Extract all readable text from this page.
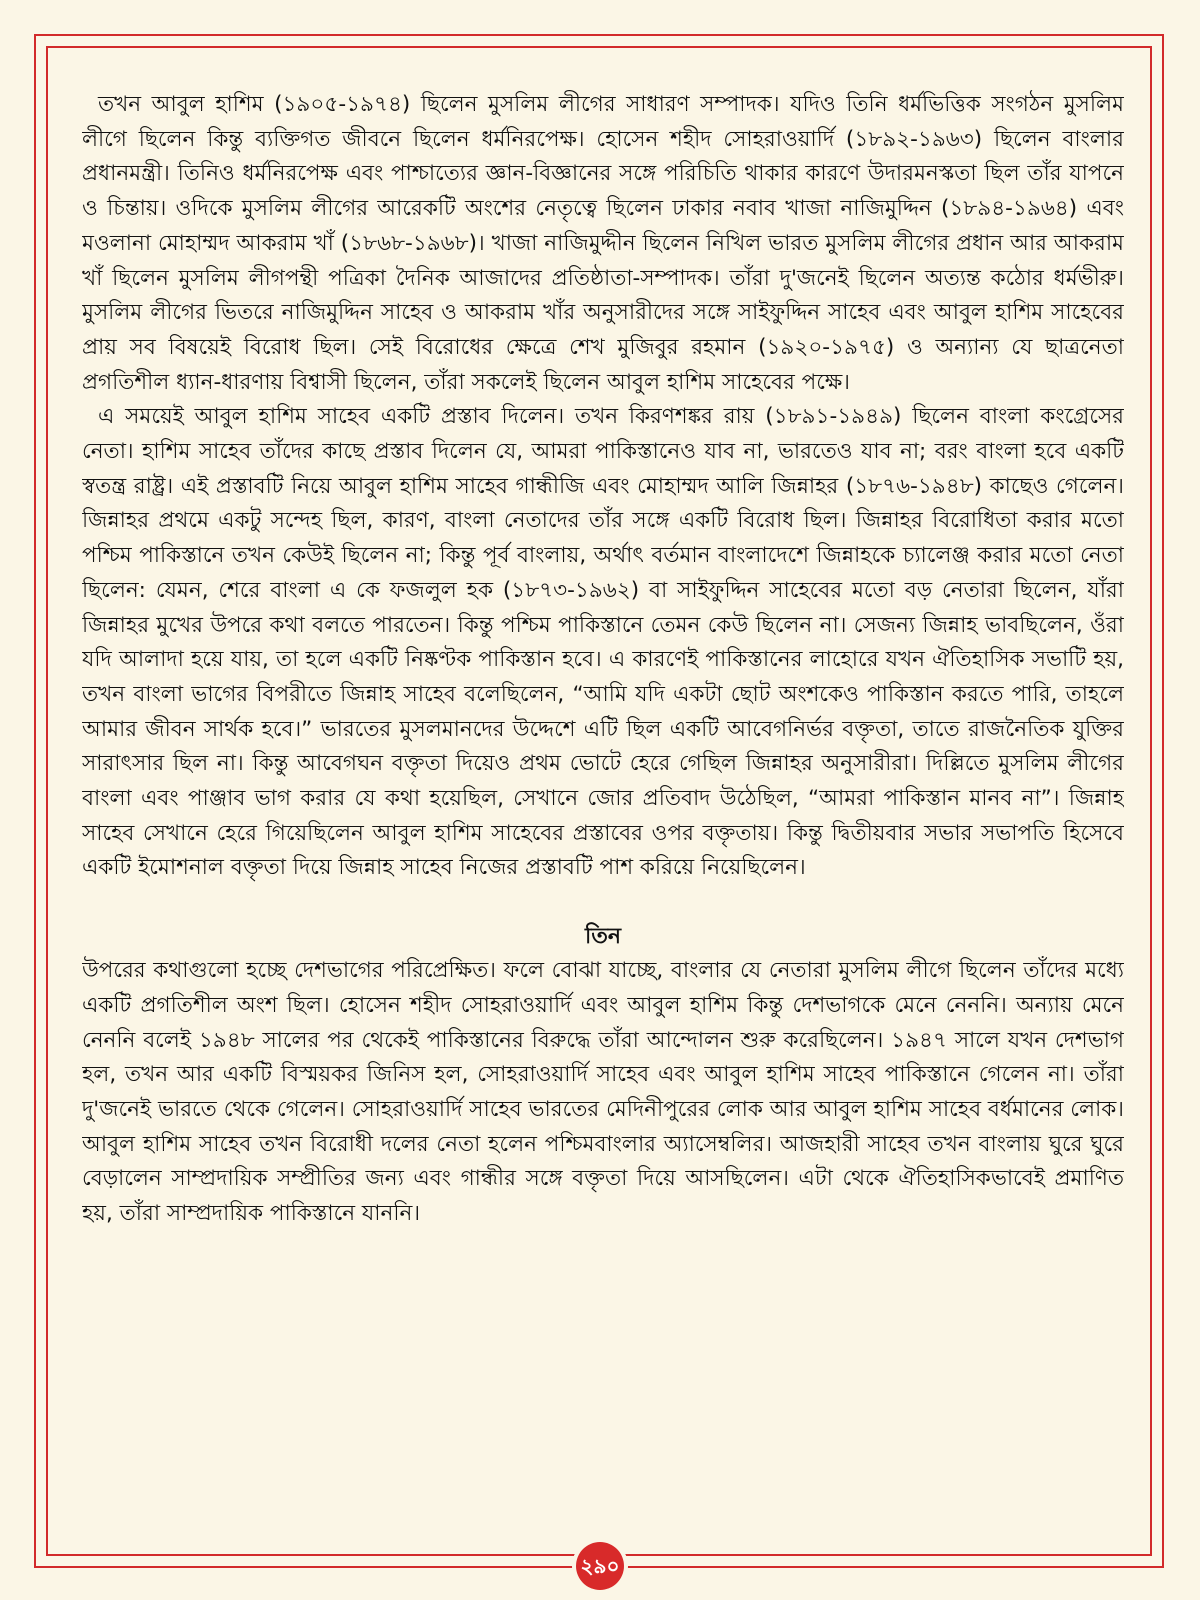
তখন আবুল হাশিম (১৯০৫-১৯৭৪) ছিলেন মুসলিম লীগের সাধারণ সম্পাদক। যদিও তিনি ধর্মভিত্তিক সংগঠন মুসলিম লীগে ছিলেন কিন্তু ব্যক্তিগত জীবনে ছিলেন ধর্মনিরপেক্ষ। হোসেন শহীদ সোহরাওয়ার্দি (১৮৯২-১৯৬৩) ছিলেন বাংলার প্রধানমন্ত্রী। তিনিও ধর্মনিরপেক্ষ এবং পাশ্চাত্যের জ্ঞান-বিজ্ঞানের সঙ্গে পরিচিতি থাকার কারণে উদারমনস্কতা ছিল তাঁর যাপনে ও চিন্তায়। ওদিকে মুসলিম লীগের আরেকটি অংশের নেতৃত্বে ছিলেন ঢাকার নবাব খাজা নাজিমুদ্দিন (১৮৯৪-১৯৬৪) এবং মওলানা মোহাম্মদ আকরাম খাঁ (১৮৬৮-১৯৬৮)। খাজা নাজিমুদ্দীন ছিলেন নিখিল ভারত মুসলিম লীগের প্রধান আর আকরাম খাঁ ছিলেন মুসলিম লীগপন্থী পত্রিকা দৈনিক আজাদের প্রতিষ্ঠাতা-সম্পাদক। তাঁরা দু'জনেই ছিলেন অত্যন্ত কঠোর ধর্মভীরু। মুসলিম লীগের ভিতরে নাজিমুদ্দিন সাহেব ও আকরাম খাঁর অনুসারীদের সঙ্গে সাইফুদ্দিন সাহেব এবং আবুল হাশিম সাহেবের প্রায় সব বিষয়েই বিরোধ ছিল। সেই বিরোধের ক্ষেত্রে শেখ মুজিবুর রহমান (১৯২০-১৯৭৫) ও অন্যান্য যে ছাত্রনেতা প্রগতিশীল ধ্যান-ধারণায় বিশ্বাসী ছিলেন, তাঁরা সকলেই ছিলেন আবুল হাশিম সাহেবের পক্ষে।

এ সময়েই আবুল হাশিম সাহেব একটি প্রস্তাব দিলেন। তখন কিরণশঙ্কর রায় (১৮৯১-১৯৪৯) ছিলেন বাংলা কংগ্রেসের নেতা। হাশিম সাহেব তাঁদের কাছে প্রস্তাব দিলেন যে, আমরা পাকিস্তানেও যাব না, ভারতেও যাব না; বরং বাংলা হবে একটি স্বতন্ত্র রাষ্ট্র। এই প্রস্তাবটি নিয়ে আবুল হাশিম সাহেব গান্ধীজি এবং মোহাম্মদ আলি জিন্নাহর (১৮৭৬-১৯৪৮) কাছেও গেলেন। জিন্নাহর প্রথমে একটু সন্দেহ ছিল, কারণ, বাংলা নেতাদের তাঁর সঙ্গে একটি বিরোধ ছিল। জিন্নাহর বিরোধিতা করার মতো পশ্চিম পাকিস্তানে তখন কেউই ছিলেন না; কিন্তু পূর্ব বাংলায়, অর্থাৎ বর্তমান বাংলাদেশে জিন্নাহকে চ্যালেঞ্জ করার মতো নেতা ছিলেন: যেমন, শেরে বাংলা এ কে ফজলুল হক (১৮৭৩-১৯৬২) বা সাইফুদ্দিন সাহেবের মতো বড় নেতারা ছিলেন, যাঁরা জিন্নাহর মুখের উপরে কথা বলতে পারতেন। কিন্তু পশ্চিম পাকিস্তানে তেমন কেউ ছিলেন না। সেজন্য জিন্নাহ ভাবছিলেন, ওঁরা যদি আলাদা হয়ে যায়, তা হলে একটি নিষ্কণ্টক পাকিস্তান হবে। এ কারণেই পাকিস্তানের লাহোরে যখন ঐতিহাসিক সভাটি হয়, তখন বাংলা ভাগের বিপরীতে জিন্নাহ সাহেব বলেছিলেন, “আমি যদি একটা ছোট অংশকেও পাকিস্তান করতে পারি, তাহলে আমার জীবন সার্থক হবে।” ভারতের মুসলমানদের উদ্দেশে এটি ছিল একটি আবেগনির্ভর বক্তৃতা, তাতে রাজনৈতিক যুক্তির সারাৎসার ছিল না। কিন্তু আবেগঘন বক্তৃতা দিয়েও প্রথম ভোটে হেরে গেছিল জিন্নাহর অনুসারীরা। দিল্লিতে মুসলিম লীগের বাংলা এবং পাঞ্জাব ভাগ করার যে কথা হয়েছিল, সেখানে জোর প্রতিবাদ উঠেছিল, “আমরা পাকিস্তান মানব না”। জিন্নাহ সাহেব সেখানে হেরে গিয়েছিলেন আবুল হাশিম সাহেবের প্রস্তাবের ওপর বক্তৃতায়। কিন্তু দ্বিতীয়বার সভার সভাপতি হিসেবে একটি ইমোশনাল বক্তৃতা দিয়ে জিন্নাহ সাহেব নিজের প্রস্তাবটি পাশ করিয়ে নিয়েছিলেন।

তিন

উপরের কথাগুলো হচ্ছে দেশভাগের পরিপ্রেক্ষিত। ফলে বোঝা যাচ্ছে, বাংলার যে নেতারা মুসলিম লীগে ছিলেন তাঁদের মধ্যে একটি প্রগতিশীল অংশ ছিল। হোসেন শহীদ সোহরাওয়ার্দি এবং আবুল হাশিম কিন্তু দেশভাগকে মেনে নেননি। অন্যায় মেনে নেননি বলেই ১৯৪৮ সালের পর থেকেই পাকিস্তানের বিরুদ্ধে তাঁরা আন্দোলন শুরু করেছিলেন। ১৯৪৭ সালে যখন দেশভাগ হল, তখন আর একটি বিস্ময়কর জিনিস হল, সোহরাওয়ার্দি সাহেব এবং আবুল হাশিম সাহেব পাকিস্তানে গেলেন না। তাঁরা দু'জনেই ভারতে থেকে গেলেন। সোহরাওয়ার্দি সাহেব ভারতের মেদিনীপুরের লোক আর আবুল হাশিম সাহেব বর্ধমানের লোক। আবুল হাশিম সাহেব তখন বিরোধী দলের নেতা হলেন পশ্চিমবাংলার অ্যাসেম্বলির। আজহারী সাহেব তখন বাংলায় ঘুরে ঘুরে বেড়ালেন সাম্প্রদায়িক সম্প্রীতির জন্য এবং গান্ধীর সঙ্গে বক্তৃতা দিয়ে আসছিলেন। এটা থেকে ঐতিহাসিকভাবেই প্রমাণিত হয়, তাঁরা সাম্প্রদায়িক পাকিস্তানে যাননি।

২৯০
